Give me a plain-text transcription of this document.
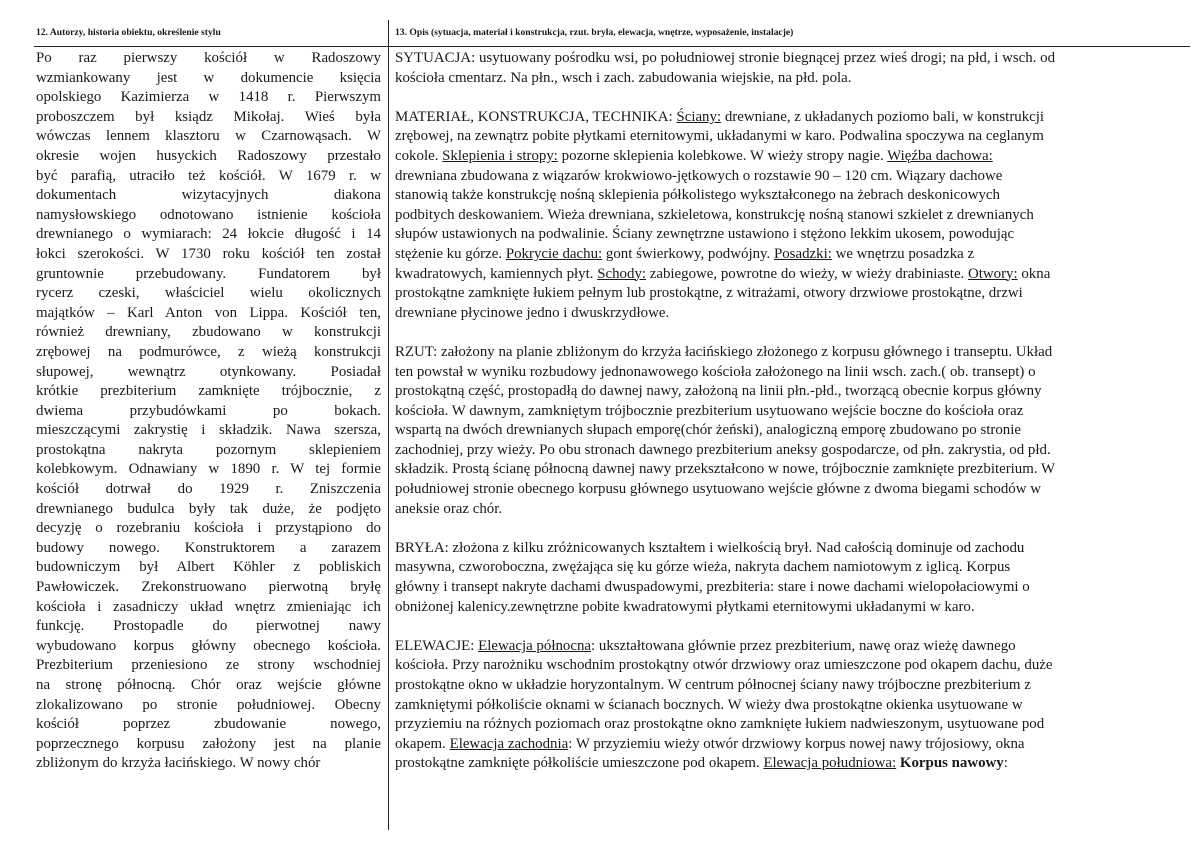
12. Autorzy, historia obiektu, określenie stylu	13. Opis (sytuacja, materiał i konstrukcja, rzut. bryła, elewacja, wnętrze, wyposażenie, instalacje)

Po raz pierwszy kościół w Radoszowy

wzmiankowany jest w dokumencie księcia

opolskiego Kazimierza w 1418 r. Pierwszym

proboszczem był ksiądz Mikołaj. Wieś była

wówczas lennem klasztoru w Czarnowąsach. W

okresie wojen husyckich Radoszowy przestało

być parafią, utraciło też kościół. W 1679 r. w

dokumentach wizytacyjnych diakona

namysłowskiego odnotowano istnienie kościoła

drewnianego o wymiarach: 24 łokcie długość i 14

łokci szerokości. W 1730 roku kościół ten został

gruntownie przebudowany. Fundatorem był

rycerz czeski, właściciel wielu okolicznych

majątków – Karl Anton von Lippa. Kościół ten,

również drewniany, zbudowano w konstrukcji

zrębowej na podmurówce, z wieżą konstrukcji

słupowej, wewnątrz otynkowany. Posiadał

krótkie prezbiterium zamknięte trójbocznie, z

dwiema przybudówkami po bokach.

mieszczącymi zakrystię i składzik. Nawa szersza,

prostokątna nakryta pozornym sklepieniem

kolebkowym. Odnawiany w 1890 r. W tej formie

kościół dotrwał do 1929 r. Zniszczenia

drewnianego budulca były tak duże, że podjęto

decyzję o rozebraniu kościoła i przystąpiono do

budowy nowego. Konstruktorem a zarazem

budowniczym był Albert Köhler z pobliskich

Pawłowiczek. Zrekonstruowano pierwotną bryłę

kościoła i zasadniczy układ wnętrz zmieniając ich

funkcję. Prostopadle do pierwotnej nawy

wybudowano korpus główny obecnego kościoła.

Prezbiterium przeniesiono ze strony wschodniej

na stronę północną. Chór oraz wejście główne

zlokalizowano po stronie południowej. Obecny

kościół poprzez zbudowanie nowego,

poprzecznego korpusu założony jest na planie

zbliżonym do krzyża łacińskiego. W nowy chór

SYTUACJA: usytuowany pośrodku wsi, po południowej stronie biegnącej przez wieś drogi; na płd, i wsch. od
kościoła cmentarz. Na płn., wsch i zach. zabudowania wiejskie, na płd. pola.

MATERIAŁ, KONSTRUKCJA, TECHNIKA: Ściany: drewniane, z układanych poziomo bali, w konstrukcji
zrębowej, na zewnątrz pobite płytkami eternitowymi, układanymi w karo. Podwalina spoczywa na ceglanym
cokole. Sklepienia i stropy: pozorne sklepienia kolebkowe. W wieży stropy nagie. Więźba dachowa:
drewniana zbudowana z wiązarów krokwiowo-jętkowych o rozstawie 90 – 120 cm. Wiązary dachowe
stanowią także konstrukcję nośną sklepienia półkolistego wykształconego na żebrach deskonicowych
podbitych deskowaniem. Wieża drewniana, szkieletowa, konstrukcję nośną stanowi szkielet z drewnianych
słupów ustawionych na podwalinie. Ściany zewnętrzne ustawiono i stężono lekkim ukosem, powodując
stężenie ku górze. Pokrycie dachu: gont świerkowy, podwójny. Posadzki: we wnętrzu posadzka z
kwadratowych, kamiennych płyt. Schody: zabiegowe, powrotne do wieży, w wieży drabiniaste. Otwory: okna
prostokątne zamknięte łukiem pełnym lub prostokątne, z witrażami, otwory drzwiowe prostokątne, drzwi
drewniane płycinowe jedno i dwuskrzydłowe.

RZUT: założony na planie zbliżonym do krzyża łacińskiego złożonego z korpusu głównego i transeptu. Układ
ten powstał w wyniku rozbudowy jednonawowego kościoła założonego na linii wsch. zach.( ob. transept) o
prostokątną część, prostopadłą do dawnej nawy, założoną na linii płn.-płd., tworzącą obecnie korpus główny
kościoła. W dawnym, zamkniętym trójbocznie prezbiterium usytuowano wejście boczne do kościoła oraz
wspartą na dwóch drewnianych słupach emporę(chór żeński), analogiczną emporę zbudowano po stronie
zachodniej, przy wieży. Po obu stronach dawnego prezbiterium aneksy gospodarcze, od płn. zakrystia, od płd.
składzik. Prostą ścianę północną dawnej nawy przekształcono w nowe, trójbocznie zamknięte prezbiterium. W
południowej stronie obecnego korpusu głównego usytuowano wejście główne z dwoma biegami schodów w
aneksie oraz chór.

BRYŁA: złożona z kilku zróżnicowanych kształtem i wielkością brył. Nad całością dominuje od zachodu
masywna, czworoboczna, zwężająca się ku górze wieża, nakryta dachem namiotowym z iglicą. Korpus
główny i transept nakryte dachami dwuspadowymi, prezbiteria: stare i nowe dachami wielopołaciowymi o
obniżonej kalenicy.zewnętrzne pobite kwadratowymi płytkami eternitowymi układanymi w karo.

ELEWACJE: Elewacja północna: ukształtowana głównie przez prezbiterium, nawę oraz wieżę dawnego
kościoła. Przy narożniku wschodnim prostokątny otwór drzwiowy oraz umieszczone pod okapem dachu, duże
prostokątne okno w układzie horyzontalnym. W centrum północnej ściany nawy trójboczne prezbiterium z
zamkniętymi półkoliście oknami w ścianach bocznych. W wieży dwa prostokątne okienka usytuowane w
przyziemiu na różnych poziomach oraz prostokątne okno zamknięte łukiem nadwieszonym, usytuowane pod
okapem. Elewacja zachodnia: W przyziemiu wieży otwór drzwiowy korpus nowej nawy trójosiowy, okna
prostokątne zamknięte półkoliście umieszczone pod okapem. Elewacja południowa: Korpus nawowy:
